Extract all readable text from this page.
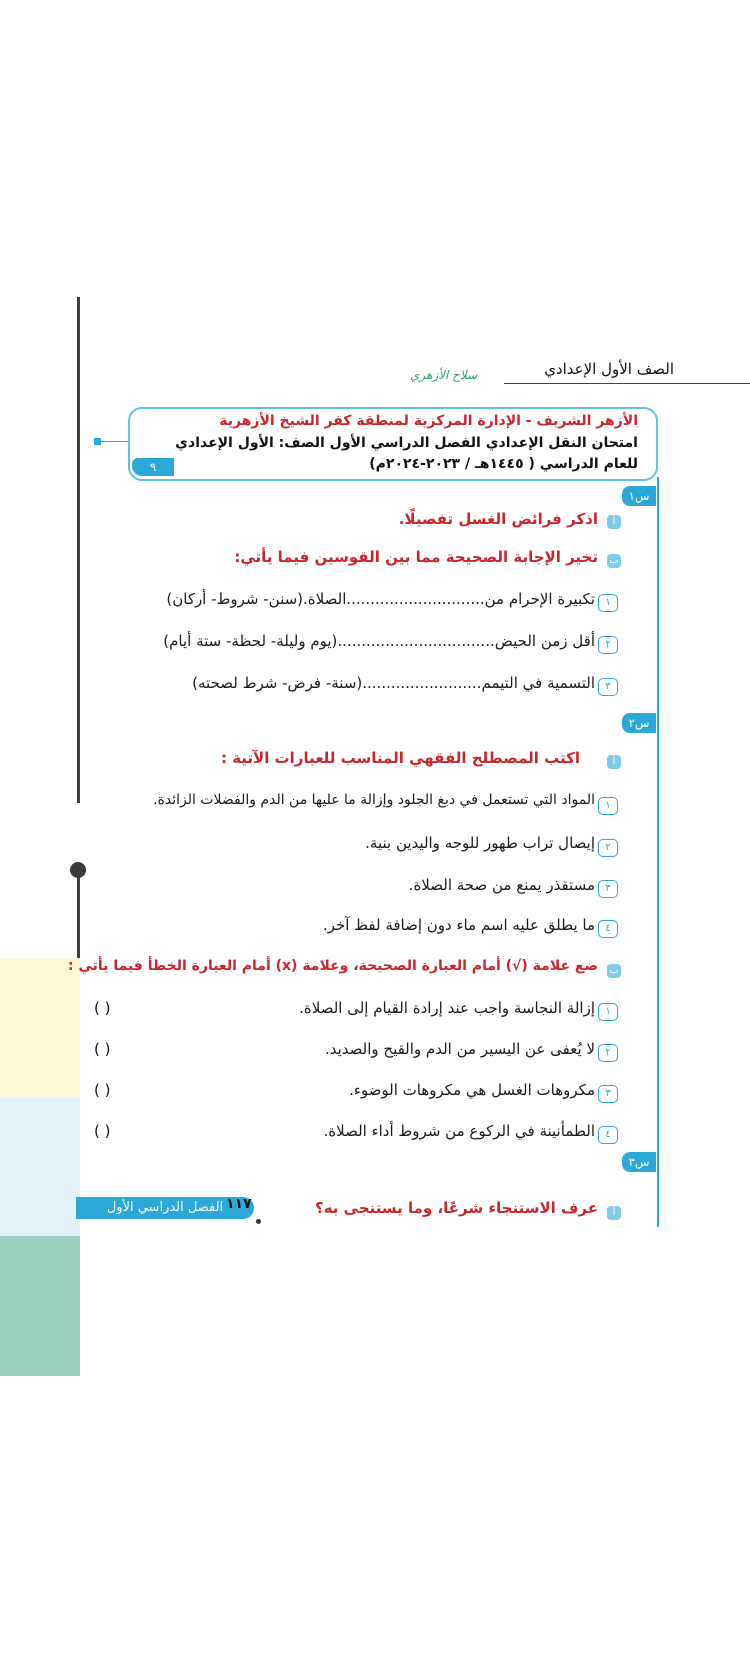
الصف الأول الإعدادي
سلاح الأزهري
الأزهر الشريف - الإدارة المركزية لمنطقة كفر الشيخ الأزهرية
امتحان النقل الإعدادي الفصل الدراسي الأول الصف: الأول الإعدادي
للعام الدراسي ( ١٤٤٥هـ / ٢٠٢٣-٢٠٢٤م)
٩
س١
أ
اذكر فرائض الغسل تفصيلًا.
ب
تخير الإجابة الصحيحة مما بين القوسين فيما يأتي:
١
تكبيرة الإحرام من.............................الصلاة.(سنن- شروط- أركان)
٢
أقل زمن الحيض.................................(يوم وليلة- لحظة- ستة أيام)
٣
التسمية في التيمم.........................(سنة- فرض- شرط لصحته)
س٢
أ
اكتب المصطلح الفقهي المناسب للعبارات الآتية :
١
المواد التي تستعمل في دبغ الجلود وإزالة ما عليها من الدم والفضلات الزائدة.
٢
إيصال تراب طهور للوجه واليدين بنية.
٣
مستقذر يمنع من صحة الصلاة.
٤
ما يطلق عليه اسم ماء دون إضافة لفظ آخر.
ب
ضع علامة (√) أمام العبارة الصحيحة، وعلامة (x) أمام العبارة الخطأ فيما يأتي :
١
إزالة النجاسة واجب عند إرادة القيام إلى الصلاة.
( )
٢
لا يُعفى عن اليسير من الدم والقيح والصديد.
( )
٣
مكروهات الغسل هي مكروهات الوضوء.
( )
٤
الطمأنينة في الركوع من شروط أداء الصلاة.
( )
س٣
أ
عرف الاستنجاء شرعًا، وما يستنجى به؟
الفصل الدراسي الأول ١١٧
